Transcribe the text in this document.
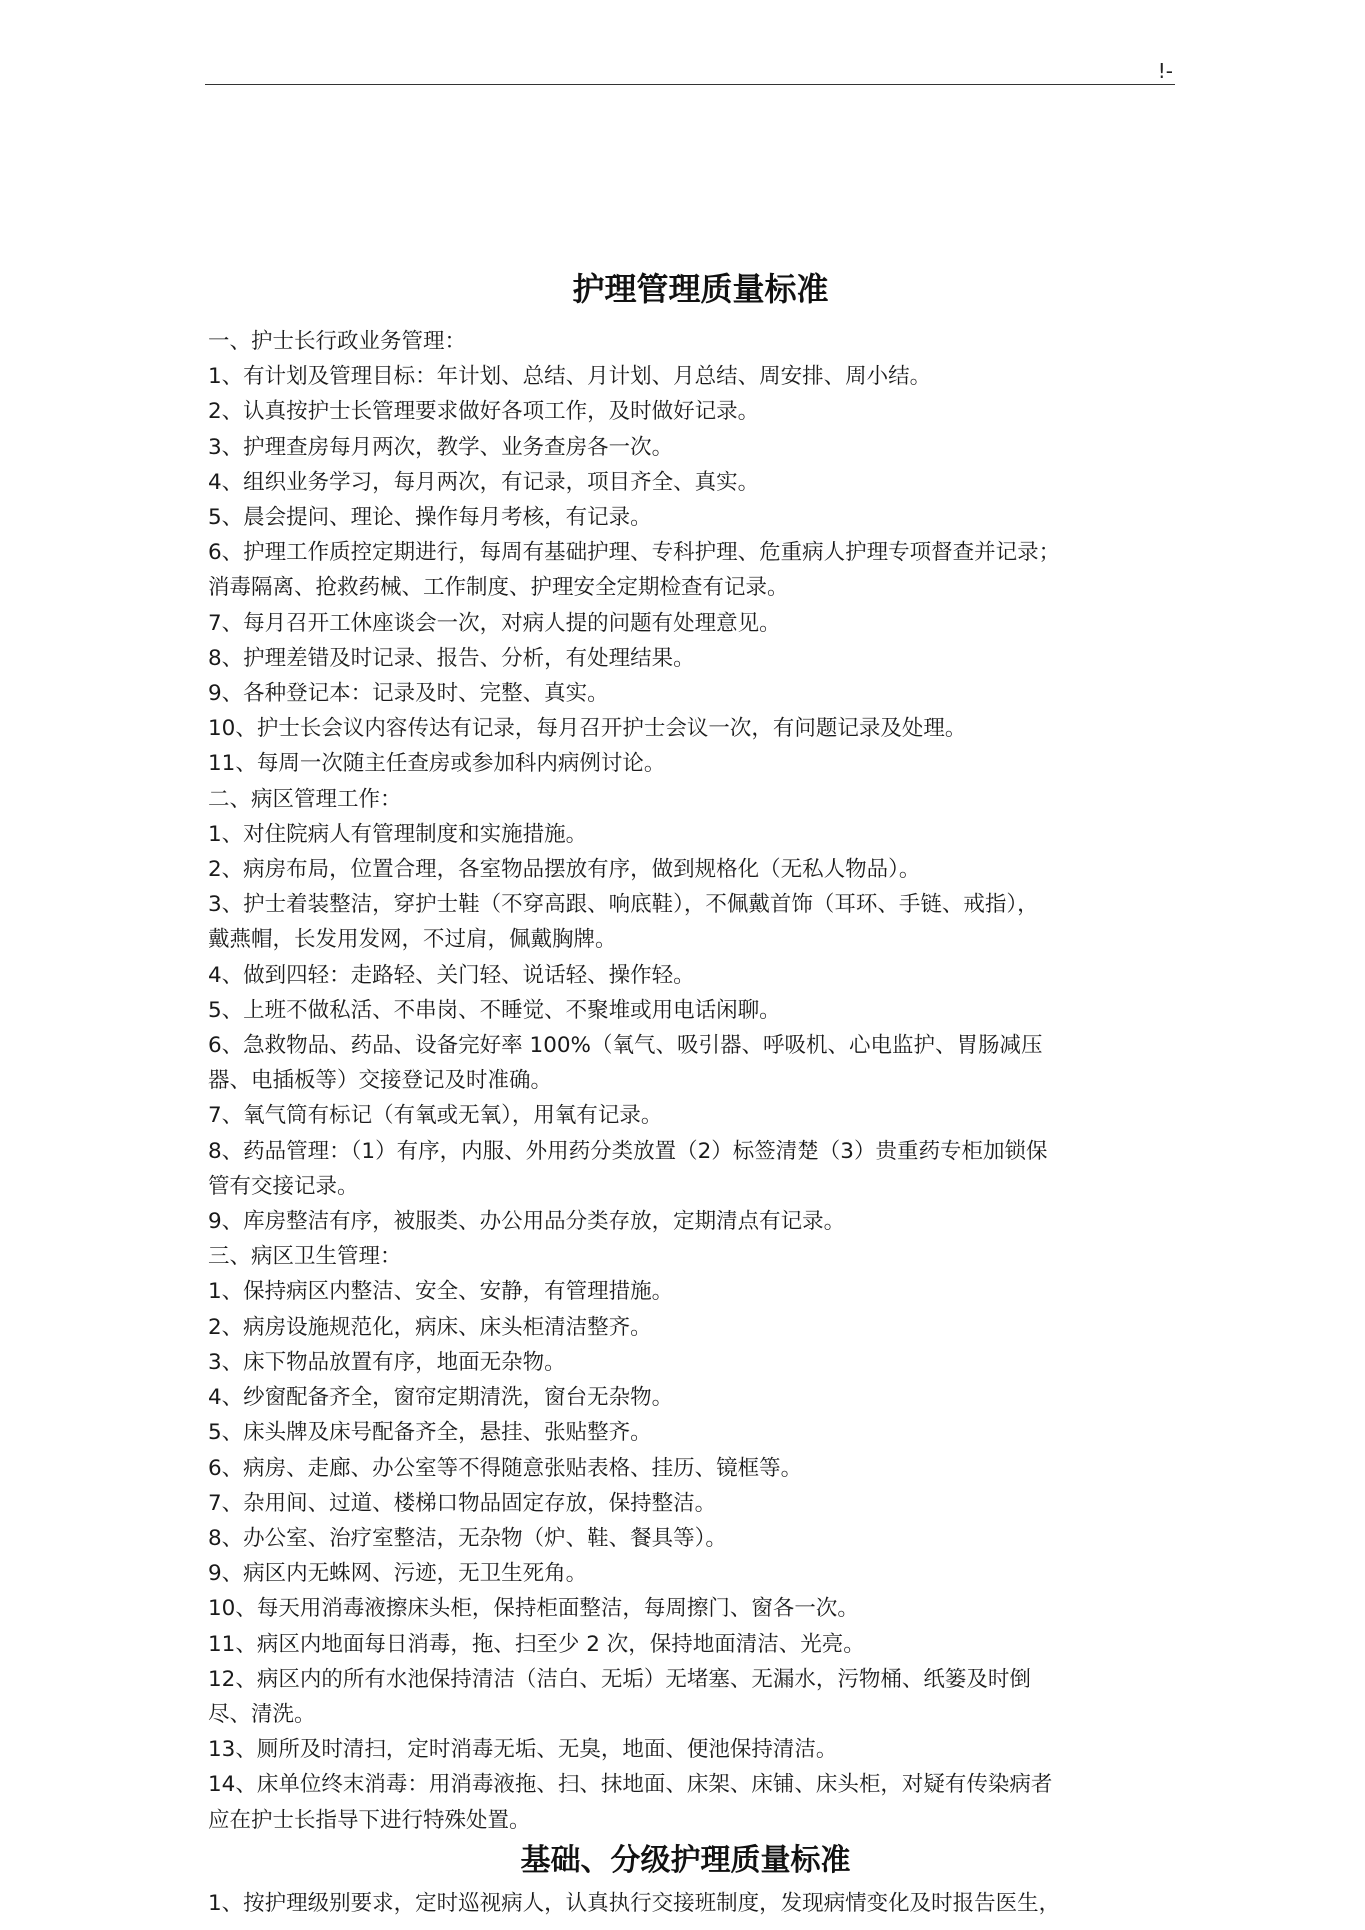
!-
护理管理质量标准
一、护士长行政业务管理：
1、有计划及管理目标：年计划、总结、月计划、月总结、周安排、周小结。
2、认真按护士长管理要求做好各项工作，及时做好记录。
3、护理查房每月两次，教学、业务查房各一次。
4、组织业务学习，每月两次，有记录，项目齐全、真实。
5、晨会提问、理论、操作每月考核，有记录。
6、护理工作质控定期进行，每周有基础护理、专科护理、危重病人护理专项督查并记录；
消毒隔离、抢救药械、工作制度、护理安全定期检查有记录。
7、每月召开工休座谈会一次，对病人提的问题有处理意见。
8、护理差错及时记录、报告、分析，有处理结果。
9、各种登记本：记录及时、完整、真实。
10、护士长会议内容传达有记录，每月召开护士会议一次，有问题记录及处理。
11、每周一次随主任查房或参加科内病例讨论。
二、病区管理工作：
1、对住院病人有管理制度和实施措施。
2、病房布局，位置合理，各室物品摆放有序，做到规格化（无私人物品）。
3、护士着装整洁，穿护士鞋（不穿高跟、响底鞋），不佩戴首饰（耳环、手链、戒指），
戴燕帽，长发用发网，不过肩，佩戴胸牌。
4、做到四轻：走路轻、关门轻、说话轻、操作轻。
5、上班不做私活、不串岗、不睡觉、不聚堆或用电话闲聊。
6、急救物品、药品、设备完好率 100%（氧气、吸引器、呼吸机、心电监护、胃肠减压
器、电插板等）交接登记及时准确。
7、氧气筒有标记（有氧或无氧），用氧有记录。
8、药品管理：（1）有序，内服、外用药分类放置（2）标签清楚（3）贵重药专柜加锁保
管有交接记录。
9、库房整洁有序，被服类、办公用品分类存放，定期清点有记录。
三、病区卫生管理：
1、保持病区内整洁、安全、安静，有管理措施。
2、病房设施规范化，病床、床头柜清洁整齐。
3、床下物品放置有序，地面无杂物。
4、纱窗配备齐全，窗帘定期清洗，窗台无杂物。
5、床头牌及床号配备齐全，悬挂、张贴整齐。
6、病房、走廊、办公室等不得随意张贴表格、挂历、镜框等。
7、杂用间、过道、楼梯口物品固定存放，保持整洁。
8、办公室、治疗室整洁，无杂物（炉、鞋、餐具等）。
9、病区内无蛛网、污迹，无卫生死角。
10、每天用消毒液擦床头柜，保持柜面整洁，每周擦门、窗各一次。
11、病区内地面每日消毒，拖、扫至少 2 次，保持地面清洁、光亮。
12、病区内的所有水池保持清洁（洁白、无垢）无堵塞、无漏水，污物桶、纸篓及时倒
尽、清洗。
13、厕所及时清扫，定时消毒无垢、无臭，地面、便池保持清洁。
14、床单位终末消毒：用消毒液拖、扫、抹地面、床架、床铺、床头柜，对疑有传染病者
应在护士长指导下进行特殊处置。
基础、分级护理质量标准
1、按护理级别要求，定时巡视病人，认真执行交接班制度，发现病情变化及时报告医生，
